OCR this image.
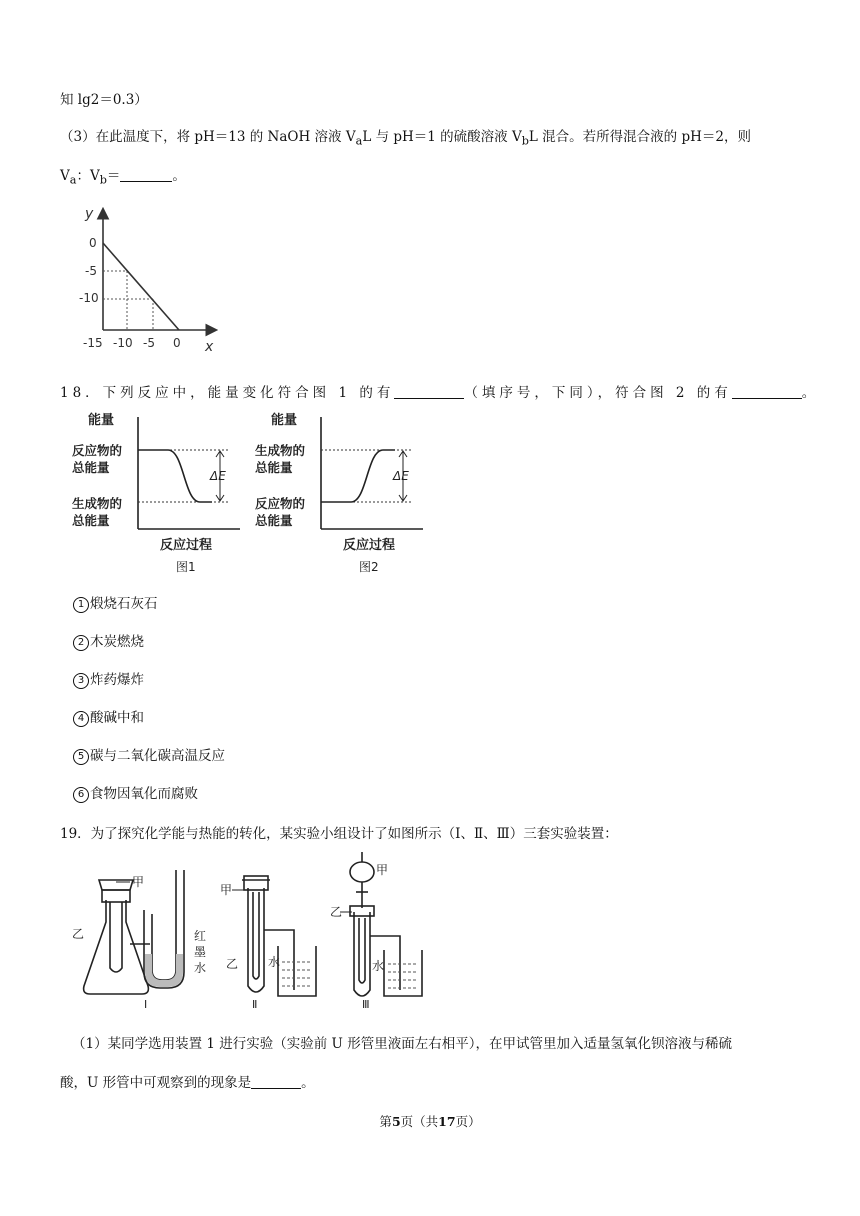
知 lg2＝0.3）
（3）在此温度下，将 pH＝13 的 NaOH 溶液 $V_aL$ 与 pH＝1 的硫酸溶液 $V_bL$ 混合。若所得混合液的 pH＝2，则
$V_a$：$V_b=$	。
y
x
0
-5
-10
-15 -10 -5 0
18．下列反应中，能量变化符合图 1 的有	（填序号，下同），符合图 2 的有	。
能量
反应物的
总能量
生成物的
总能量
ΔE
反应过程
图1
能量
生成物的
总能量
反应物的
总能量
ΔE
反应过程
图2
1 煅烧石灰石
2 木炭燃烧
3 炸药爆炸
4 酸碱中和
5 碳与二氧化碳高温反应
6 食物因氧化而腐败
19．为了探究化学能与热能的转化，某实验小组设计了如图所示（Ⅰ、Ⅱ、Ⅲ）三套实验装置：
甲
乙	红
墨
水
Ⅰ
甲
乙 水
Ⅱ
甲
乙
水
Ⅲ
（1）某同学选用装置 1 进行实验（实验前 U 形管里液面左右相平），在甲试管里加入适量氢氧化钡溶液与稀硫
酸，U 形管中可观察到的现象是	。
第5页（共17页）
